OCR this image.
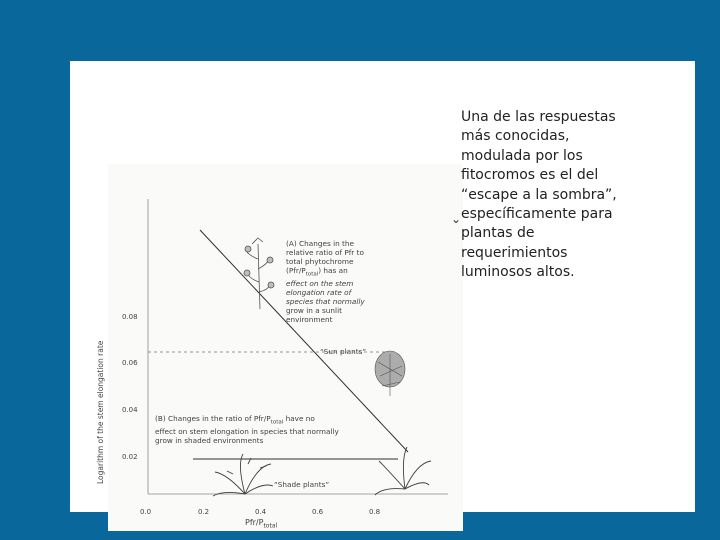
0.08
0.06
0.04
0.02
0.0	0.2	0.4	0.6	0.8
Logarithm of the stem elongation rate
Pfr/$P_{total}$
(A) Changes in the
relative ratio of Pfr to
total phytochrome
$(Pfr/P_{total})$ has an
effect on the stem
elongation rate of
species that normally
grow in a sunlit
environment
“Sun plants”
(B) Changes in the ratio of Pfr/$P_{total}$ have no
effect on stem elongation in species that normally
grow in shaded environments
“Shade plants”
⌄
Una de las respuestas
más conocidas,
modulada por los
fitocromos es el del
“escape a la sombra”,
específicamente para
plantas de
requerimientos
luminosos altos.
